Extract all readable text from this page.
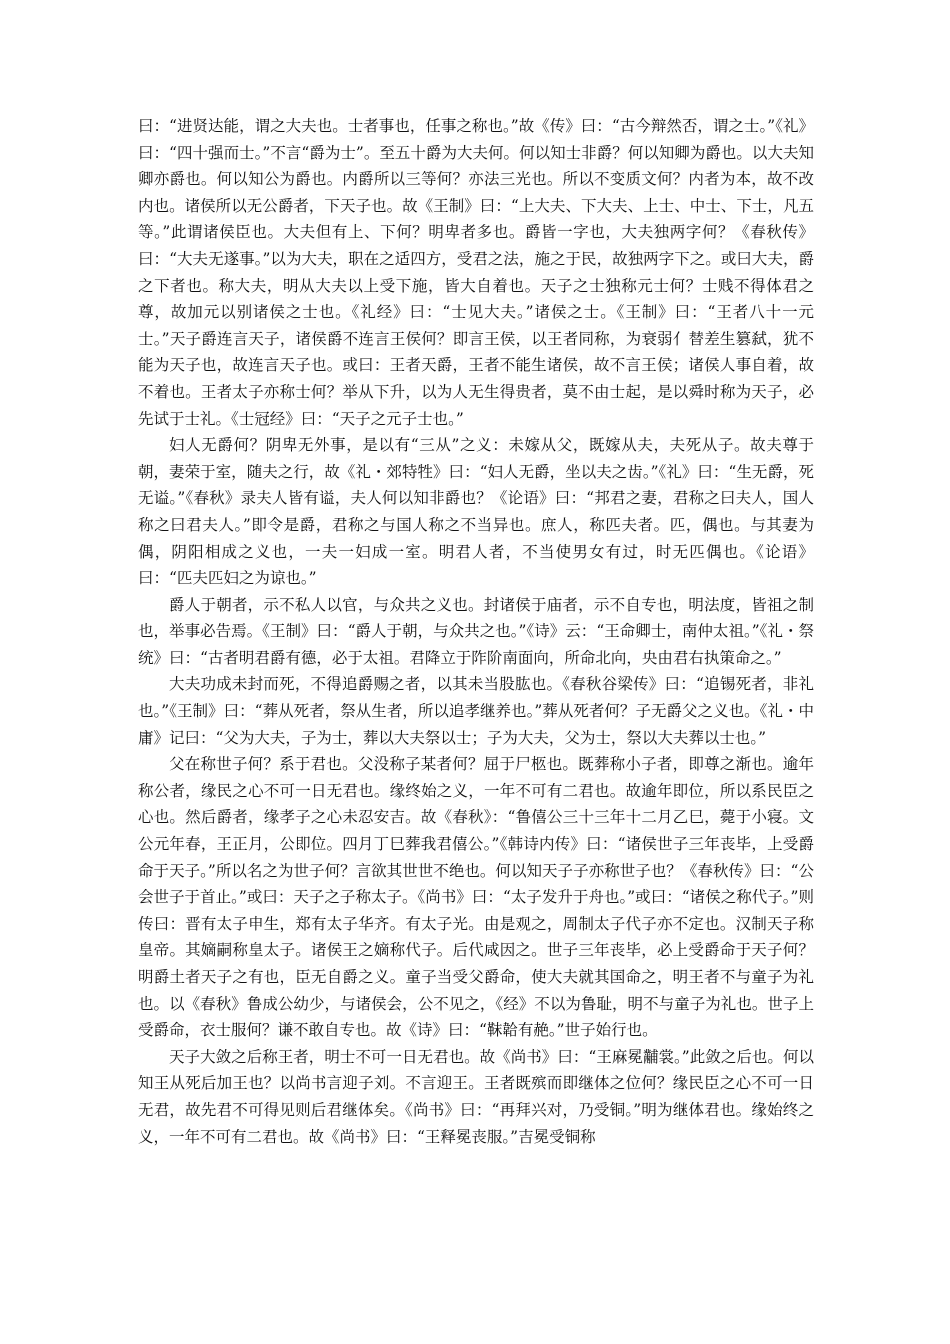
曰：“进贤达能，谓之大夫也。士者事也，任事之称也。”故《传》曰：“古今辩然否，谓之士。”《礼》曰：“四十强而士。”不言“爵为士”。至五十爵为大夫何。何以知士非爵？何以知卿为爵也。以大夫知卿亦爵也。何以知公为爵也。内爵所以三等何？亦法三光也。所以不变质文何？内者为本，故不改内也。诸侯所以无公爵者，下天子也。故《王制》曰：“上大夫、下大夫、上士、中士、下士，凡五等。”此谓诸侯臣也。大夫但有上、下何？明卑者多也。爵皆一字也，大夫独两字何？《春秋传》曰：“大夫无遂事。”以为大夫，职在之适四方，受君之法，施之于民，故独两字下之。或曰大夫，爵之下者也。称大夫，明从大夫以上受下施，皆大自着也。天子之士独称元士何？士贱不得体君之尊，故加元以别诸侯之士也。《礼经》曰：“士见大夫。”诸侯之士。《王制》曰：“王者八十一元士。”天子爵连言天子，诸侯爵不连言王侯何？即言王侯，以王者同称，为衰弱亻替差生篡弑，犹不能为天子也，故连言天子也。或曰：王者天爵，王者不能生诸侯，故不言王侯；诸侯人事自着，故不着也。王者太子亦称士何？举从下升，以为人无生得贵者，莫不由士起，是以舜时称为天子，必先试于士礼。《士冠经》曰：“天子之元子士也。”

妇人无爵何？阴卑无外事，是以有“三从”之义：未嫁从父，既嫁从夫，夫死从子。故夫尊于朝，妻荣于室，随夫之行，故《礼・郊特牲》曰：“妇人无爵，坐以夫之齿。”《礼》曰：“生无爵，死无谥。”《春秋》录夫人皆有谥，夫人何以知非爵也？《论语》曰：“邦君之妻，君称之曰夫人，国人称之曰君夫人。”即令是爵，君称之与国人称之不当异也。庶人，称匹夫者。匹，偶也。与其妻为偶，阴阳相成之义也，一夫一妇成一室。明君人者，不当使男女有过，时无匹偶也。《论语》曰：“匹夫匹妇之为谅也。”

爵人于朝者，示不私人以官，与众共之义也。封诸侯于庙者，示不自专也，明法度，皆祖之制也，举事必告焉。《王制》曰：“爵人于朝，与众共之也。”《诗》云：“王命卿士，南仲太祖。”《礼・祭统》曰：“古者明君爵有德，必于太祖。君降立于阼阶南面向，所命北向，央由君右执策命之。”

大夫功成未封而死，不得追爵赐之者，以其未当股肱也。《春秋谷梁传》曰：“追锡死者，非礼也。”《王制》曰：“葬从死者，祭从生者，所以追孝继养也。”葬从死者何？子无爵父之义也。《礼・中庸》记曰：“父为大夫，子为士，葬以大夫祭以士；子为大夫，父为士，祭以大夫葬以士也。”

父在称世子何？系于君也。父没称子某者何？屈于尸柩也。既葬称小子者，即尊之渐也。逾年称公者，缘民之心不可一日无君也。缘终始之义，一年不可有二君也。故逾年即位，所以系民臣之心也。然后爵者，缘孝子之心未忍安吉。故《春秋》：“鲁僖公三十三年十二月乙巳，薨于小寝。文公元年春，王正月，公即位。四月丁巳葬我君僖公。”《韩诗内传》曰：“诸侯世子三年丧毕，上受爵命于天子。”所以名之为世子何？言欲其世世不绝也。何以知天子子亦称世子也？《春秋传》曰：“公会世子于首止。”或曰：天子之子称太子。《尚书》曰：“太子发升于舟也。”或曰：“诸侯之称代子。”则传曰：晋有太子申生，郑有太子华齐。有太子光。由是观之，周制太子代子亦不定也。汉制天子称皇帝。其嫡嗣称皇太子。诸侯王之嫡称代子。后代咸因之。世子三年丧毕，必上受爵命于天子何？明爵土者天子之有也，臣无自爵之义。童子当受父爵命，使大夫就其国命之，明王者不与童子为礼也。以《春秋》鲁成公幼少，与诸侯会，公不见之，《经》不以为鲁耻，明不与童子为礼也。世子上受爵命，衣士服何？谦不敢自专也。故《诗》曰：“靺韐有赩。”世子始行也。

天子大敛之后称王者，明士不可一日无君也。故《尚书》曰：“王麻冕黼裳。”此敛之后也。何以知王从死后加王也？以尚书言迎子刘。不言迎王。王者既殡而即继体之位何？缘民臣之心不可一日无君，故先君不可得见则后君继体矣。《尚书》曰：“再拜兴对，乃受铜。”明为继体君也。缘始终之义，一年不可有二君也。故《尚书》曰：“王释冕丧服。”吉冕受铜称
